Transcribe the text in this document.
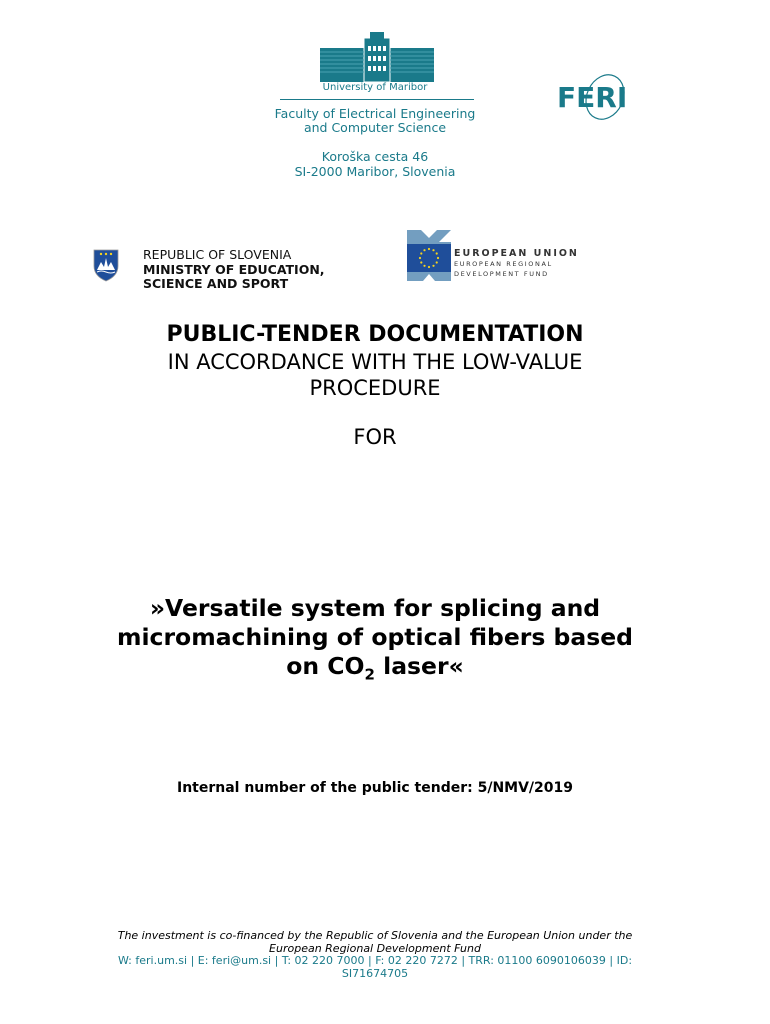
University of Maribor
Faculty of Electrical Engineering
and Computer Science
Koroška cesta 46
SI-2000 Maribor, Slovenia
FERI
REPUBLIC OF SLOVENIA
MINISTRY OF EDUCATION,
SCIENCE AND SPORT
EUROPEAN UNION
EUROPEAN REGIONAL
DEVELOPMENT FUND
PUBLIC-TENDER DOCUMENTATION
IN ACCORDANCE WITH THE LOW-VALUE
PROCEDURE
FOR
»Versatile system for splicing and
micromachining of optical fibers based
on $CO_2$ laser«
Internal number of the public tender: 5/NMV/2019
The investment is co-financed by the Republic of Slovenia and the European Union under the
European Regional Development Fund
W: feri.um.si | E: feri@um.si | T: 02 220 7000 | F: 02 220 7272 | TRR: 01100 6090106039 | ID:
SI71674705
